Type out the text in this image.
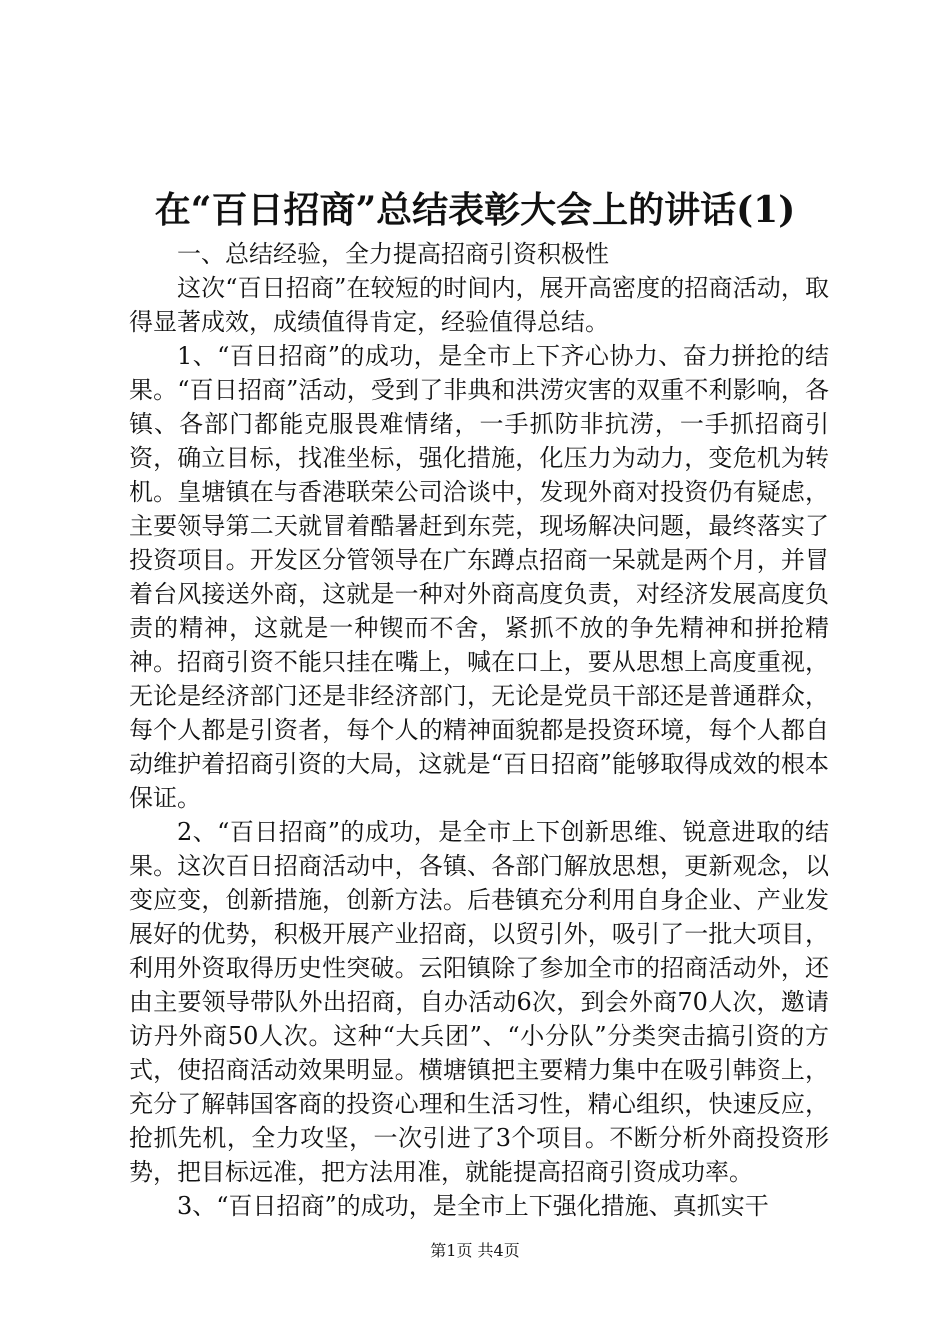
在“百日招商”总结表彰大会上的讲话(1)

一、总结经验，全力提高招商引资积极性

这次“百日招商”在较短的时间内，展开高密度的招商活动，取得显著成效，成绩值得肯定，经验值得总结。

1、“百日招商”的成功，是全市上下齐心协力、奋力拼抢的结果。“百日招商”活动，受到了非典和洪涝灾害的双重不利影响，各镇、各部门都能克服畏难情绪，一手抓防非抗涝，一手抓招商引资，确立目标，找准坐标，强化措施，化压力为动力，变危机为转机。皇塘镇在与香港联荣公司洽谈中，发现外商对投资仍有疑虑，主要领导第二天就冒着酷暑赶到东莞，现场解决问题，最终落实了投资项目。开发区分管领导在广东蹲点招商一呆就是两个月，并冒着台风接送外商，这就是一种对外商高度负责，对经济发展高度负责的精神，这就是一种锲而不舍，紧抓不放的争先精神和拼抢精神。招商引资不能只挂在嘴上，喊在口上，要从思想上高度重视，无论是经济部门还是非经济部门，无论是党员干部还是普通群众，每个人都是引资者，每个人的精神面貌都是投资环境，每个人都自动维护着招商引资的大局，这就是“百日招商”能够取得成效的根本保证。

2、“百日招商”的成功，是全市上下创新思维、锐意进取的结果。这次百日招商活动中，各镇、各部门解放思想，更新观念，以变应变，创新措施，创新方法。后巷镇充分利用自身企业、产业发展好的优势，积极开展产业招商，以贸引外，吸引了一批大项目，利用外资取得历史性突破。云阳镇除了参加全市的招商活动外，还由主要领导带队外出招商，自办活动6次，到会外商70人次，邀请访丹外商50人次。这种“大兵团”、“小分队”分类突击搞引资的方式，使招商活动效果明显。横塘镇把主要精力集中在吸引韩资上，充分了解韩国客商的投资心理和生活习性，精心组织，快速反应，抢抓先机，全力攻坚，一次引进了3个项目。不断分析外商投资形势，把目标远准，把方法用准，就能提高招商引资成功率。

3、“百日招商”的成功，是全市上下强化措施、真抓实干

第1页 共4页
